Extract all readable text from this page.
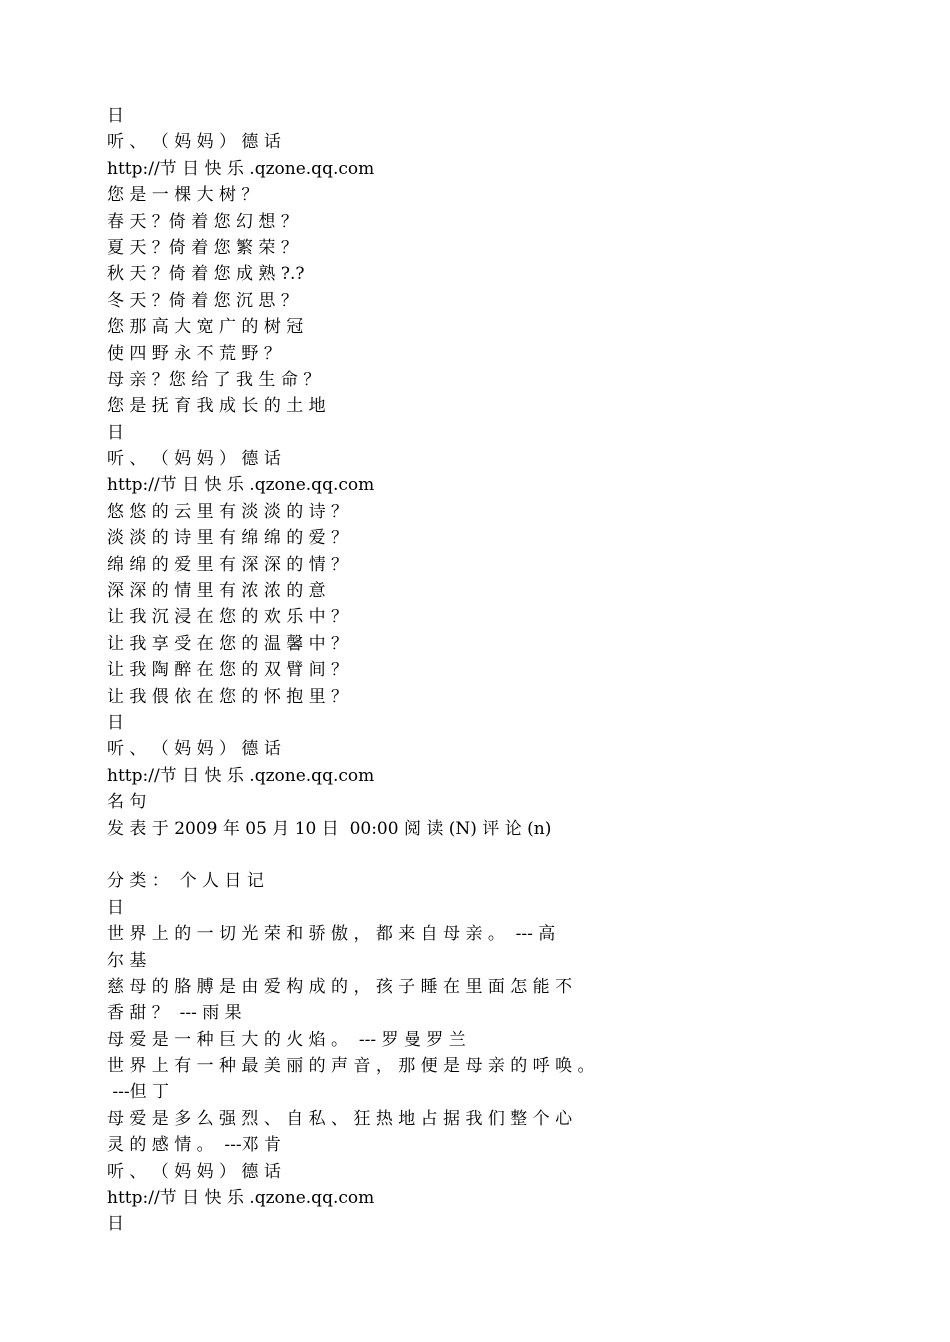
日
听 、 （ 妈 妈 ） 德 话
http://节 日 快 乐 .qzone.qq.com
您 是 一 棵 大 树 ？
春 天 ？倚 着 您 幻 想 ？
夏 天 ？倚 着 您 繁 荣 ？
秋 天 ？倚 着 您 成 熟 ?.?
冬 天 ？倚 着 您 沉 思 ？
您 那 高 大 宽 广 的 树 冠
使 四 野 永 不 荒 野 ？
母 亲 ？您 给 了 我 生 命 ？
您 是 抚 育 我 成 长 的 土 地
日
听 、 （ 妈 妈 ） 德 话
http://节 日 快 乐 .qzone.qq.com
悠 悠 的 云 里 有 淡 淡 的 诗 ？
淡 淡 的 诗 里 有 绵 绵 的 爱 ？
绵 绵 的 爱 里 有 深 深 的 情 ？
深 深 的 情 里 有 浓 浓 的 意
让 我 沉 浸 在 您 的 欢 乐 中 ？
让 我 享 受 在 您 的 温 馨 中 ？
让 我 陶 醉 在 您 的 双 臂 间 ？
让 我 偎 依 在 您 的 怀 抱 里 ？
日
听 、 （ 妈 妈 ） 德 话
http://节 日 快 乐 .qzone.qq.com
名 句
发 表 于 2009 年 05 月 10 日  00:00 阅 读 (N) 评 论 (n)
分 类 ：  个 人 日 记
日
世 界 上 的 一 切 光 荣 和 骄 傲 ， 都 来 自 母 亲 。  --- 高
尔 基
慈 母 的 胳 膊 是 由 爱 构 成 的 ， 孩 子 睡 在 里 面 怎 能 不
香 甜 ？  --- 雨 果
母 爱 是 一 种 巨 大 的 火 焰 。  --- 罗 曼 罗 兰
世 界 上 有 一 种 最 美 丽 的 声 音 ， 那 便 是 母 亲 的 呼 唤 。
---但 丁
母 爱 是 多 么 强 烈 、 自 私 、 狂 热 地 占 据 我 们 整 个 心
灵 的 感 情 。  ---邓 肯
听 、 （ 妈 妈 ） 德 话
http://节 日 快 乐 .qzone.qq.com
日
